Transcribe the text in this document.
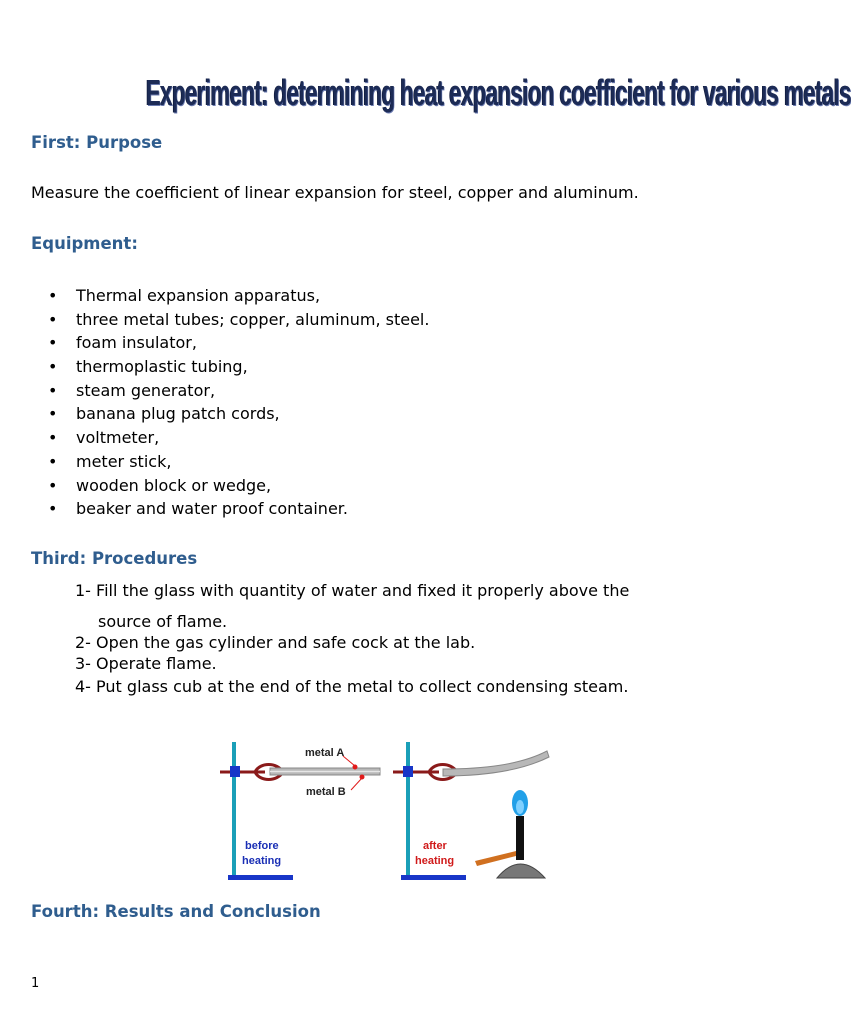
Experiment: determining heat expansion coefficient for various metals
First: Purpose
Measure the coefficient of linear expansion for steel, copper and aluminum.
Equipment:
• Thermal expansion apparatus,
• three metal tubes; copper, aluminum, steel.
• foam insulator,
• thermoplastic tubing,
• steam generator,
• banana plug patch cords,
• voltmeter,
• meter stick,
• wooden block or wedge,
• beaker and water proof container.
Third: Procedures
1- Fill the glass with quantity of water and fixed it properly above the
source of flame.
2- Open the gas cylinder and safe cock at the lab.
3- Operate flame.
4- Put glass cub at the end of the metal to collect condensing steam.
metal A
metal B
before
heating
after
heating
Fourth: Results and Conclusion
1
